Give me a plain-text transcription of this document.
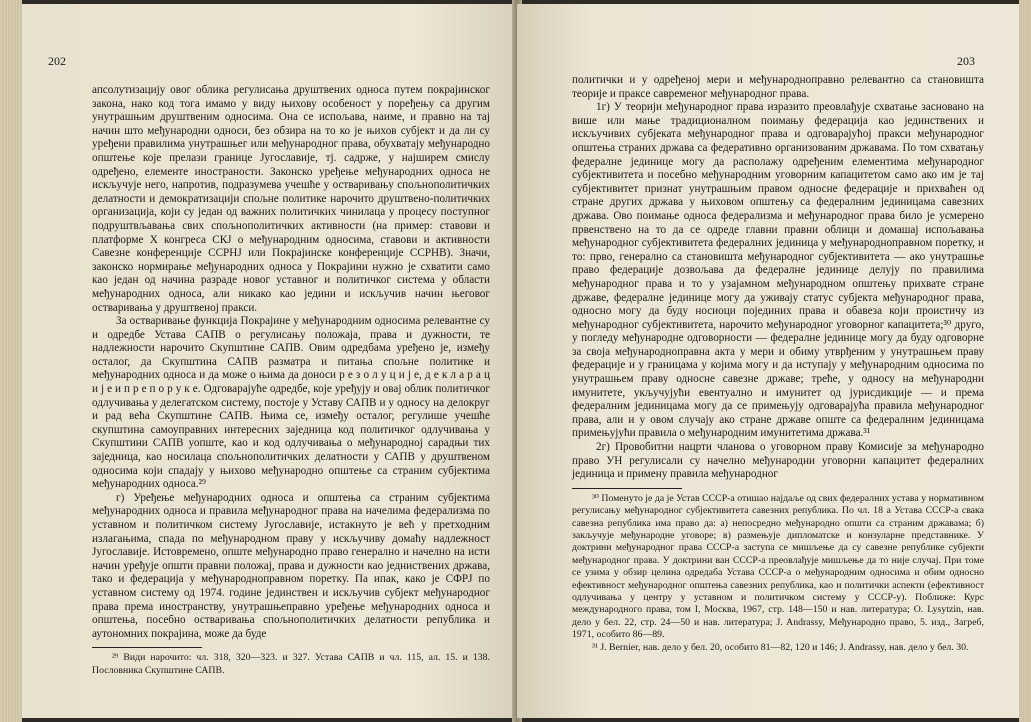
202

апсолутизацију овог облика регулисања друштвених односа путем покрајинског закона, нако код тога имамо у виду њихову особеност у поређењу са другим унутрашњим друштвеним односима. Она се испољава, наиме, и правно на тај начин што међународни односи, без обзира на то ко је њихов субјект и да ли су уређени правилима унутрашњег или међународног права, обухватају међународно општење које прелази границе Југославије, тј. садрже, у најширем смислу одређено, елементе иностраности. Законско уређење међународних односа не искључује него, напротив, подразумева учешће у остваривању спољнополитичких делатности и демократизацији спољне политике нарочито друштвено-политичких организација, који су један од важних политичких чинилаца у процесу поступног подруштвљавања свих спољнополитичких активности (на пример: ставови и платформе X конгреса СКЈ о међународним односима, ставови и активности Савезне конференције ССРНЈ или Покрајинске конференције ССРНВ). Значи, законско нормирање међународних односа у Покрајини нужно је схватити само као један од начина разраде новог уставног и политичког система у области међународних односа, али никако као једини и искључив начин његовог остваривања у друштвеној пракси.

За остваривање функција Покрајине у међународним односима релевантне су и одредбе Устава САПВ о регулисању положаја, права и дужности, те надлежности нарочито Скупштине САПВ. Овим одредбама уређено је, између осталог, да Скупштина САПВ разматра и питања спољне политике и међународних односа и да може о њима да доноси р е з о л у ц и ј е, д е к л а р а ц и ј е и п р е п о р у к е. Одговарајуће одредбе, које уређују и овај облик политичког одлучивања у делегатском систему, постоје у Уставу САПВ и у односу на делокруг и рад већа Скупштине САПВ. Њима се, између осталог, регулише учешће скупштина самоуправних интересних заједница код политичког одлучивања у Скупштини САПВ уопште, као и код одлучивања о међународној сарадњи тих заједница, као носилаца спољнополитичких делатности у САПВ у друштвеном односима који спадају у њихово међународно општење са страним субјектима међународних односа.²⁹

г) Уређење међународних односа и општења са страним субјектима међународних односа и правила међународног права на начелима федерализма по уставном и политичком систему Југославије, истакнуто је већ у претходним излагањима, спада по међународном праву у искључиву домаћу надлежност Југославије. Истовремено, опште међународно право генерално и начелно на исти начин уређује општи правни положај, права и дужности као једниствених држава, тако и федерација у међународноправном поретку. Па ипак, како је СФРЈ по уставном систему од 1974. године јединствен и искључив субјект међународног права према иностранству, унутрашњеправно уређење међународних односа и општења, посебно остваривања спољнополитичких делатности република и аутономних покрајина, може да буде

²⁹ Види нарочито: чл. 318, 320—323. и 327. Устава САПВ и чл. 115, ал. 15. и 138. Пословника Скупштине САПВ.

203

политички и у одређеној мери и међународноправно релевантно са становишта теорије и праксе савременог међународног права.

1г) У теорији међународног права изразито преовлађује схватање засновано на више или мање традиционалном поимању федерација као јединствених и искључивих субјеката међународног права и одговарајућој пракси међународног општења страних држава са федеративно организованим државама. По том схватању федералне јединице могу да располажу одређеним елементима међународног субјективитета и посебно међународним уговорним капацитетом само ако им је тај субјективитет признат унутрашњим правом односне федерације и прихваћен од стране других држава у њиховом општењу са федералним јединицама савезних држава. Ово поимање односа федерализма и међународног права било је усмерено првенствено на то да се одреде главни правни облици и домашај испољавања међународног субјективитета федералних јединица у међународноправном поретку, и то: прво, генерално са становишта међународног субјективитета — ако унутрашње право федерације дозвољава да федералне јединице делују по правилима међународног права и то у узајамном међународном општењу прихвате стране државе, федералне јединице могу да уживају статус субјекта међународног права, односно могу да буду носиоци појединих права и обавеза који проистичу из међународног субјективитета, нарочито међународног уговорног капацитета;³⁰ друго, у погледу међународне одговорности — федералне јединице могу да буду одговорне за своја међународноправна акта у мери и обиму утврђеним у унутрашњем праву федерације и у границама у којима могу и да иступају у међународним односима по унутрашњем праву односне савезне државе; треће, у односу на међународни имунитете, укључујући евентуално и имунитет од јурисдикције — и према федералним јединицама могу да се примењују одговарајућа правила међународног права, али и у овом случају ако стране државе опште са федералним јединицама примењујући правила о међународним имунитетима држава.³¹

2г) Провобитни нацрти чланова о уговорном праву Комисије за међународно право УН регулисали су начелно међународни уговорни капацитет федералних јединица и примену правила међународног

³⁰ Поменуто је да је Устав СССР-а отишао најдаље од свих федералних устава у нормативном регулисању међународног субјективитета савезних република. По чл. 18 а Устава СССР-а свака савезна република има право да: а) непосредно међународно општи са страним државама; б) закључује међународне уговоре; в) размењује дипломатске и конзуларне представнике. У доктрини међународног права СССР-а заступа се мишљење да су савезне републике субјекти међународног права. У доктрини ван СССР-а преовлађује мишљење да то није случај. При томе се узима у обзир целина одредаба Устава СССР-а о међународним односима и обим односно ефективност међународног општења савезних република, као и политички аспекти (ефективност одлучивања у центру у уставном и политичком систему у СССР-у). Поближе: Курс международного права, том I, Москва, 1967, стр. 148—150 и нав. литература; O. Lysytzin, нав. дело у бел. 22, стр. 24—50 и нав. литература; J. Andrassy, Међународно право, 5. изд., Загреб, 1971, особито 86—89.

³¹ J. Bernier, нав. дело у бел. 20, особито 81—82, 120 и 146; J. Andrassy, нав. дело у бел. 30.
